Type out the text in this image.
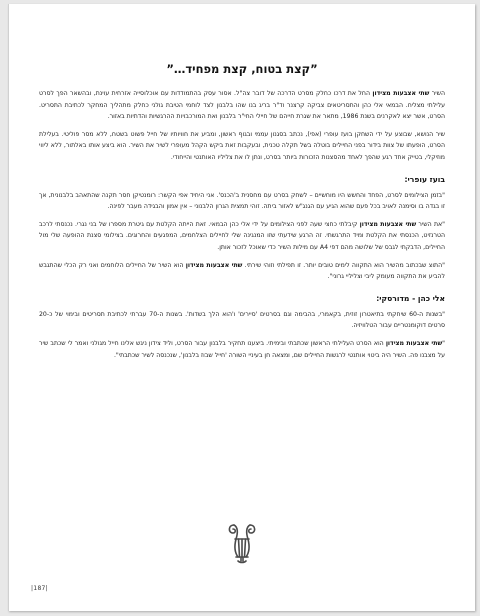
”קצת בטוח, קצת מפחיד…”

השיר שתי אצבעות מצידון החל את דרכו כחלק מסרט הדרכה של דובר צה"ל. אסור עסק בהתמודדות עם אוכלוסייה אזרחית עוינת, ובהשאר הפך לסרט עלילתי מצליח. הבמאי אלי כהן והתסריטאים צביקה קרצנר וד"ר בריג בנו שהו בלבנון לצד לוחמי הטיבת גולני כחלק מתהליך המחקר לכתיבת התסריט. הסרט, אשר יצא לאקרנים בשנת 1986, מתאר את שגרת חייהם של חיילי החי"ר בלבנון ואת המורכבויות ההרגשיות והדתיות באזור.

שיר הנושא, שבוצע על ידי השחקן בועז עופרי (אפי), נכתב בסגנון עממי ובגוף ראשון, ומביע את חוויותיו של חייל פשוט בשטח, ללא מסר פוליטי. בעלילת הסרט, הופעתו של צוות בידור בפני החיילים בוטלה בשל תקלה טכנית, ובעקבות זאת ביקש הקהל מעופרי לשיר את השיר. הוא ביצע אותו באלתור, ללא ליווי מוזיקלי, בטייק אחד רגע שהפך לאחד מהסצנות הזכורות ביותר בסרט, ונתן לו את צליליו האותנטי והייחודי.

בועז עופרי:

"בזמן הצילומים לסרט, הפחד והחשש היו מוחשיים – לשחק בסרט עם מחסנית ב'הכנס'. אני היחיד אפי הקשר: רומנטיקן חסר תקנה שהתאהב בלבנונית, אך זו בגדה בו וסימנה לאויב בכל פעם שהוא הגיע עם הגנג"ש לאזור ביתה. זוהי תמצית הגרון הלבנוני – אין אמון והבגידה מעבר לפינה.

"את השיר שתי אצבעות מצידון קיבלתי כחצי שעה לפני הצילומים על ידי אלי כהן הבמאי. זאת הייתה הקלטת עם גיטרת מספרו של בני נגרי. נכנסתי לרכב הטרנזיט, הכנסתי את הקלטת ומיד התרגשתי. זה הרגע שידעתי שזו המנגינה שלי לחיילים הצלחמים, המפגעים והחרוגים. בצילומי סצנת ההופעה שלי מול החיילים, הדבקתי לגבס של שלושה מהם דפי A4 עם מילות השיר כדי שאוכל לזכור אותן.

"התוצ שבכתוב מהשיר הוא התקווה לימים טובים יותר. זו תפילתי וזוהי שירתי. שתי אצבעות מצידון הוא השיר של החיילים הלוחמים ואני רק הכלי שהתגבש להביע את התקווה מעומק ליבי וצליליי גרוני".

אלי כהן - מדורסקי:

"בשנות ה-60 שיחקתי בתיאטרון זוזית, בקאמרי, בהבימה וגם בסרטים 'סיירים' ו'הוא הלך בשדות'. בשנות ה-70 עברתי לכתיבת תסריטים ובימוי של כ-20 סרטים דוקומנטריים עבור הטלוויזיה.

"שתי אצבעות מצידון הוא הסרט העלילתי הראשון שכתבתי ובימיתי. ביצענו תחקיר בלבנון עבור הסרט, וליד צידון ניגש אלינו חייל מגולני ואמר לי שכתב שיר על מצבנו פה. השיר היה ביטוי אותנטי לרגשות החיילים שם, ומצאה חן בעיניי השורה 'חייל שבוז בלבנון', שנכנסה לשיר שכתבתי".

|187|
